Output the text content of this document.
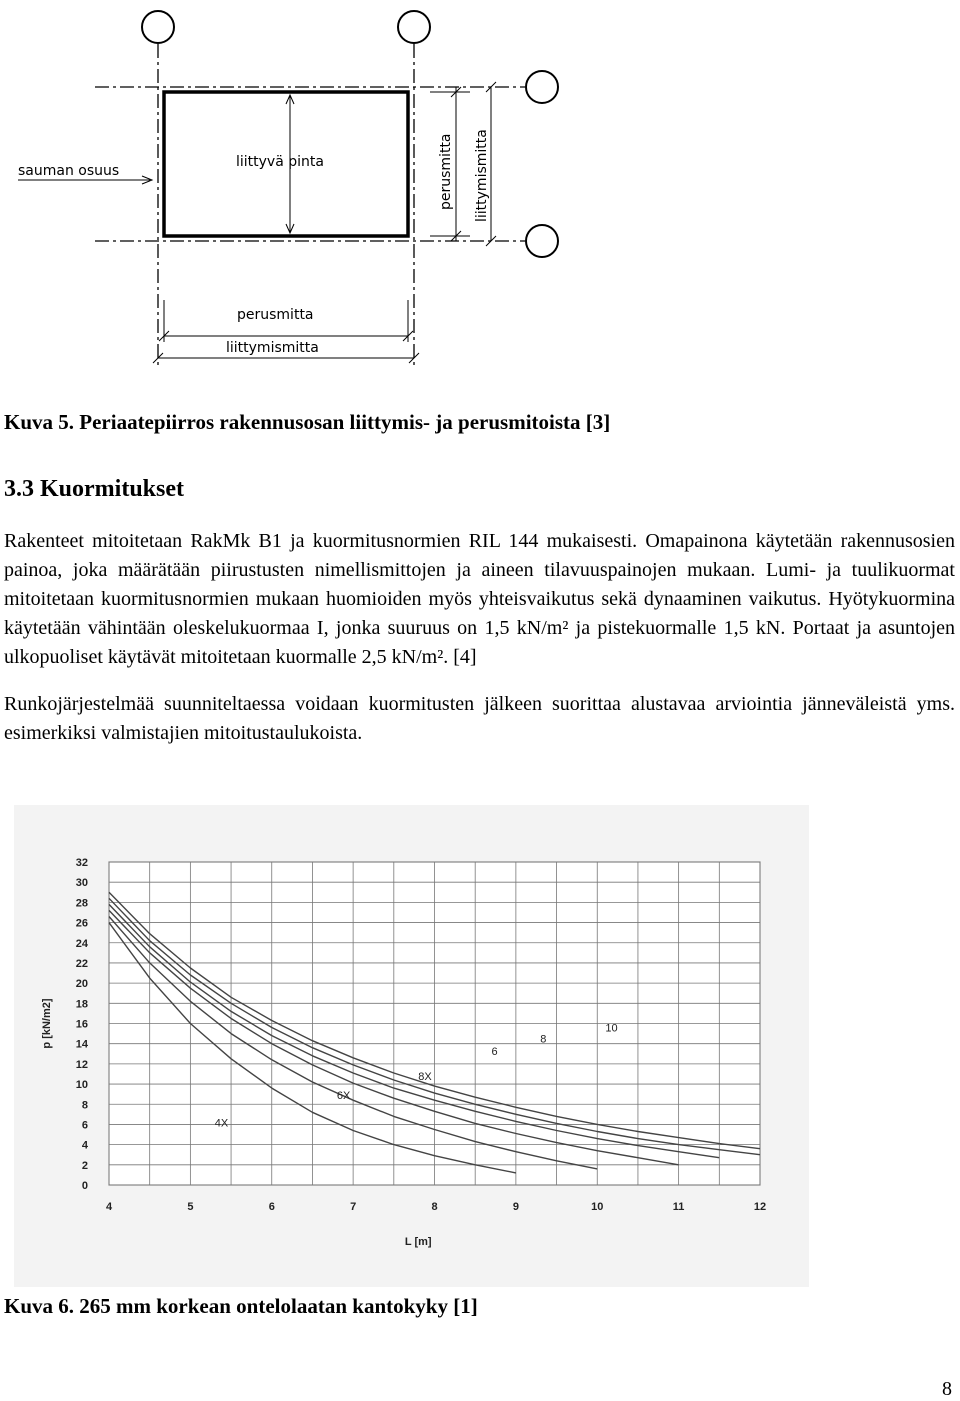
sauman osuus
liittyvä pinta	perusmitta liittymismitta
perusmitta
liittymismitta
Kuva 5. Periaatepiirros rakennusosan liittymis- ja perusmitoista [3]
3.3 Kuormitukset

Rakenteet mitoitetaan RakMk B1 ja kuormitusnormien RIL 144 mukaisesti. Omapainona käytetään rakennusosien painoa, joka määrätään piirustusten nimellismittojen ja aineen tilavuuspainojen mukaan. Lumi- ja tuulikuormat mitoitetaan kuormitusnormien mukaan huomioiden myös yhteisvaikutus sekä dynaaminen vaikutus. Hyötykuormina käytetään vähintään oleskelukuormaa I, jonka suuruus on 1,5 kN/m² ja pistekuormalle 1,5 kN. Portaat ja asuntojen ulkopuoliset käytävät mitoitetaan kuormalle 2,5 kN/m². [4]

Runkojärjestelmää suunniteltaessa voidaan kuormitusten jälkeen suorittaa alustavaa arviointia jänneväleistä yms. esimerkiksi valmistajien mitoitustaulukoista.

4X
6X
8X
6
8
10
4	5	6	7	8	9	10	11	12
0
2
4
6
8
10
12
14
16
18
20
22
24
26
28
30
32
L [m]
p [kN/m2]
Kuva 6. 265 mm korkean ontelolaatan kantokyky [1]
8
